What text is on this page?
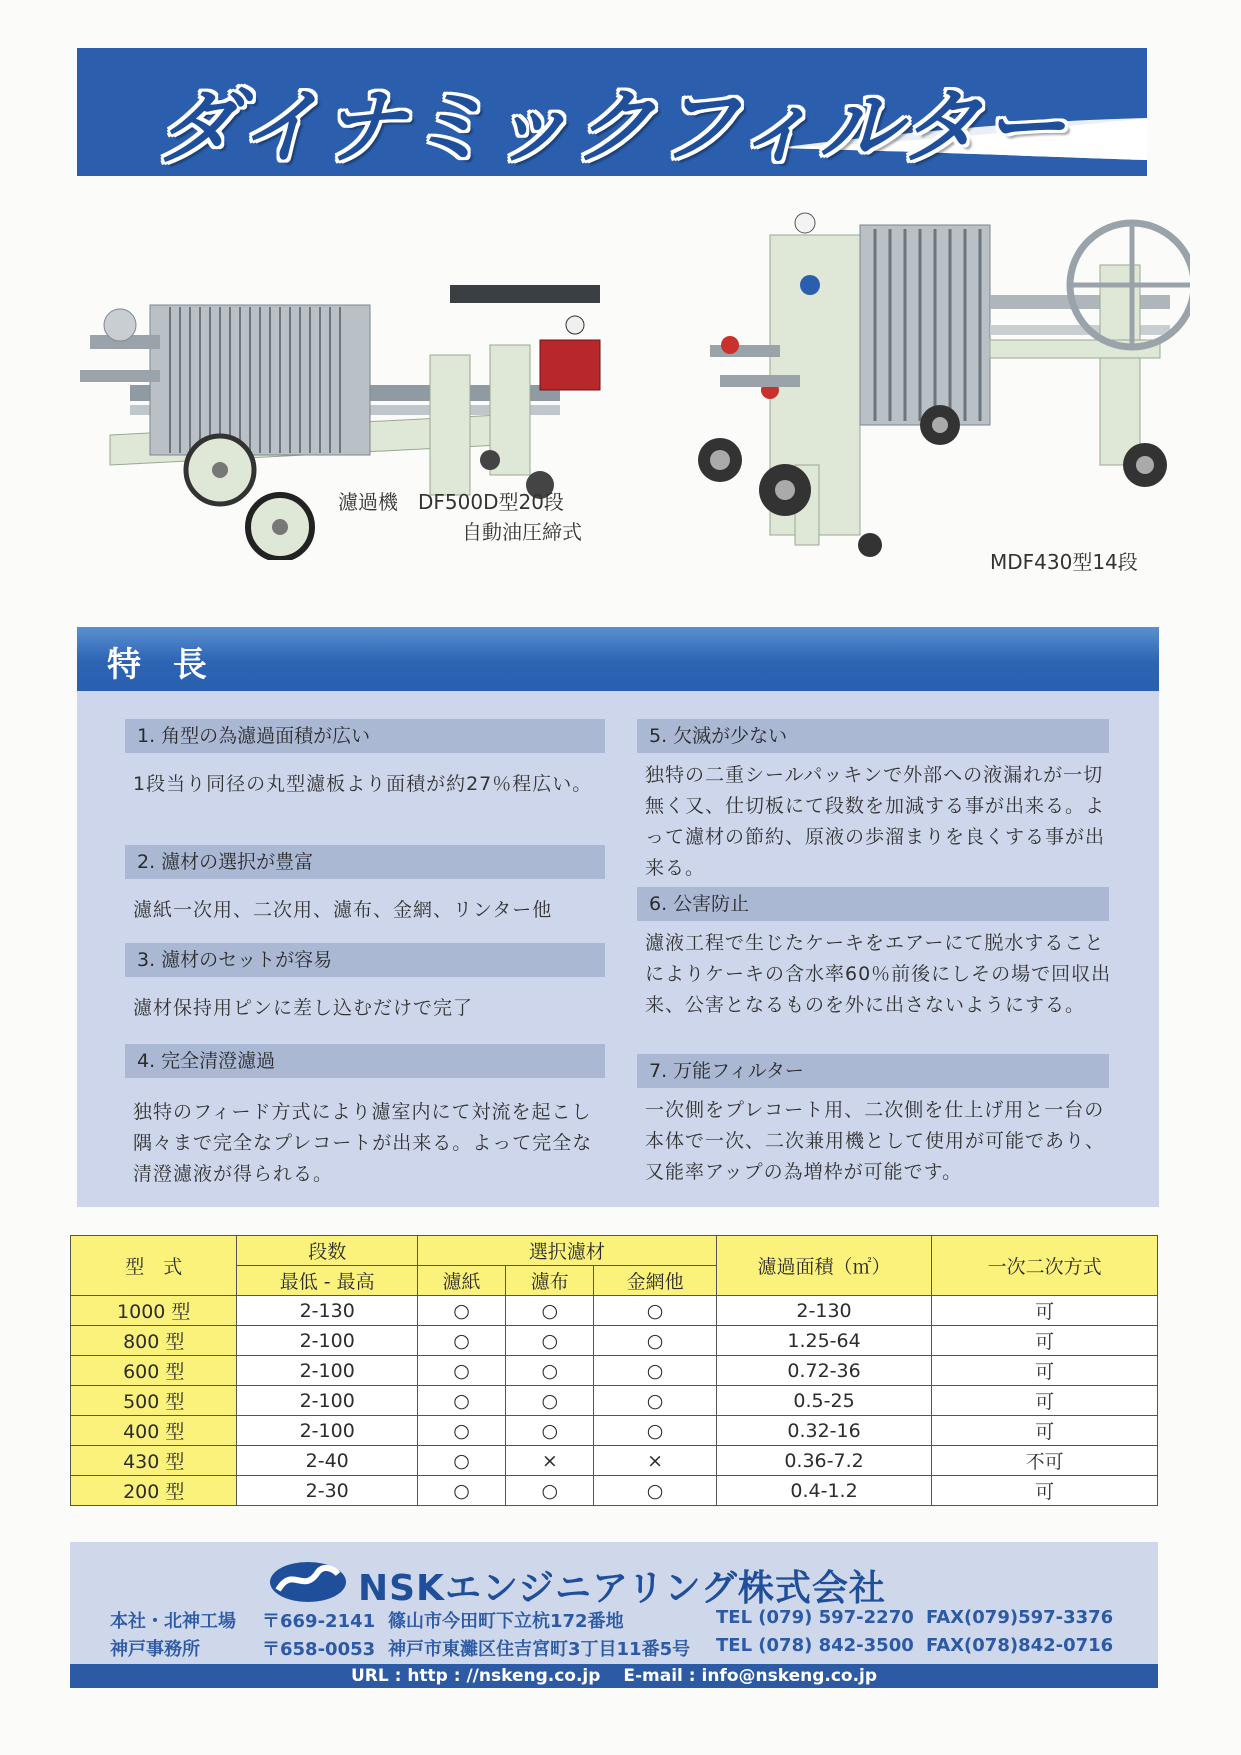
ダイナミックフィルター
濾過機　DF500D型20段
自動油圧締式
MDF430型14段
特 長
1. 角型の為濾過面積が広い
1段当り同径の丸型濾板より面積が約27％程広い。
2. 濾材の選択が豊富
濾紙一次用、二次用、濾布、金網、リンター他
3. 濾材のセットが容易
濾材保持用ピンに差し込むだけで完了
4. 完全清澄濾過
独特のフィード方式により濾室内にて対流を起こし隅々まで完全なプレコートが出来る。よって完全な清澄濾液が得られる。
5. 欠滅が少ない
独特の二重シールパッキンで外部への液漏れが一切無く又、仕切板にて段数を加減する事が出来る。よって濾材の節約、原液の歩溜まりを良くする事が出来る。
6. 公害防止
濾液工程で生じたケーキをエアーにて脱水することによりケーキの含水率60％前後にしその場で回収出来、公害となるものを外に出さないようにする。
7. 万能フィルター
一次側をプレコート用、二次側を仕上げ用と一台の本体で一次、二次兼用機として使用が可能であり、又能率アップの為増枠が可能です。
型　式	段数	選択濾材			濾過面積（㎡）	一次二次方式
	最低 - 最高	濾紙	濾布	金網他		
1000 型	2-130	○	○	○	2-130	可
800 型	2-100	○	○	○	1.25-64	可
600 型	2-100	○	○	○	0.72-36	可
500 型	2-100	○	○	○	0.5-25	可
400 型	2-100	○	○	○	0.32-16	可
430 型	2-40	○	×	×	0.36-7.2	不可
200 型	2-30	○	○	○	0.4-1.2	可
NSKエンジニアリング株式会社
本社・北神工場 〒669-2141 篠山市今田町下立杭172番地	TEL (079) 597-2270 FAX(079)597-3376
神戸事務所	〒658-0053 神戸市東灘区住吉宮町3丁目11番5号 TEL (078) 842-3500 FAX(078)842-0716
URL : http : //nskeng.co.jp　 E-mail : info@nskeng.co.jp
